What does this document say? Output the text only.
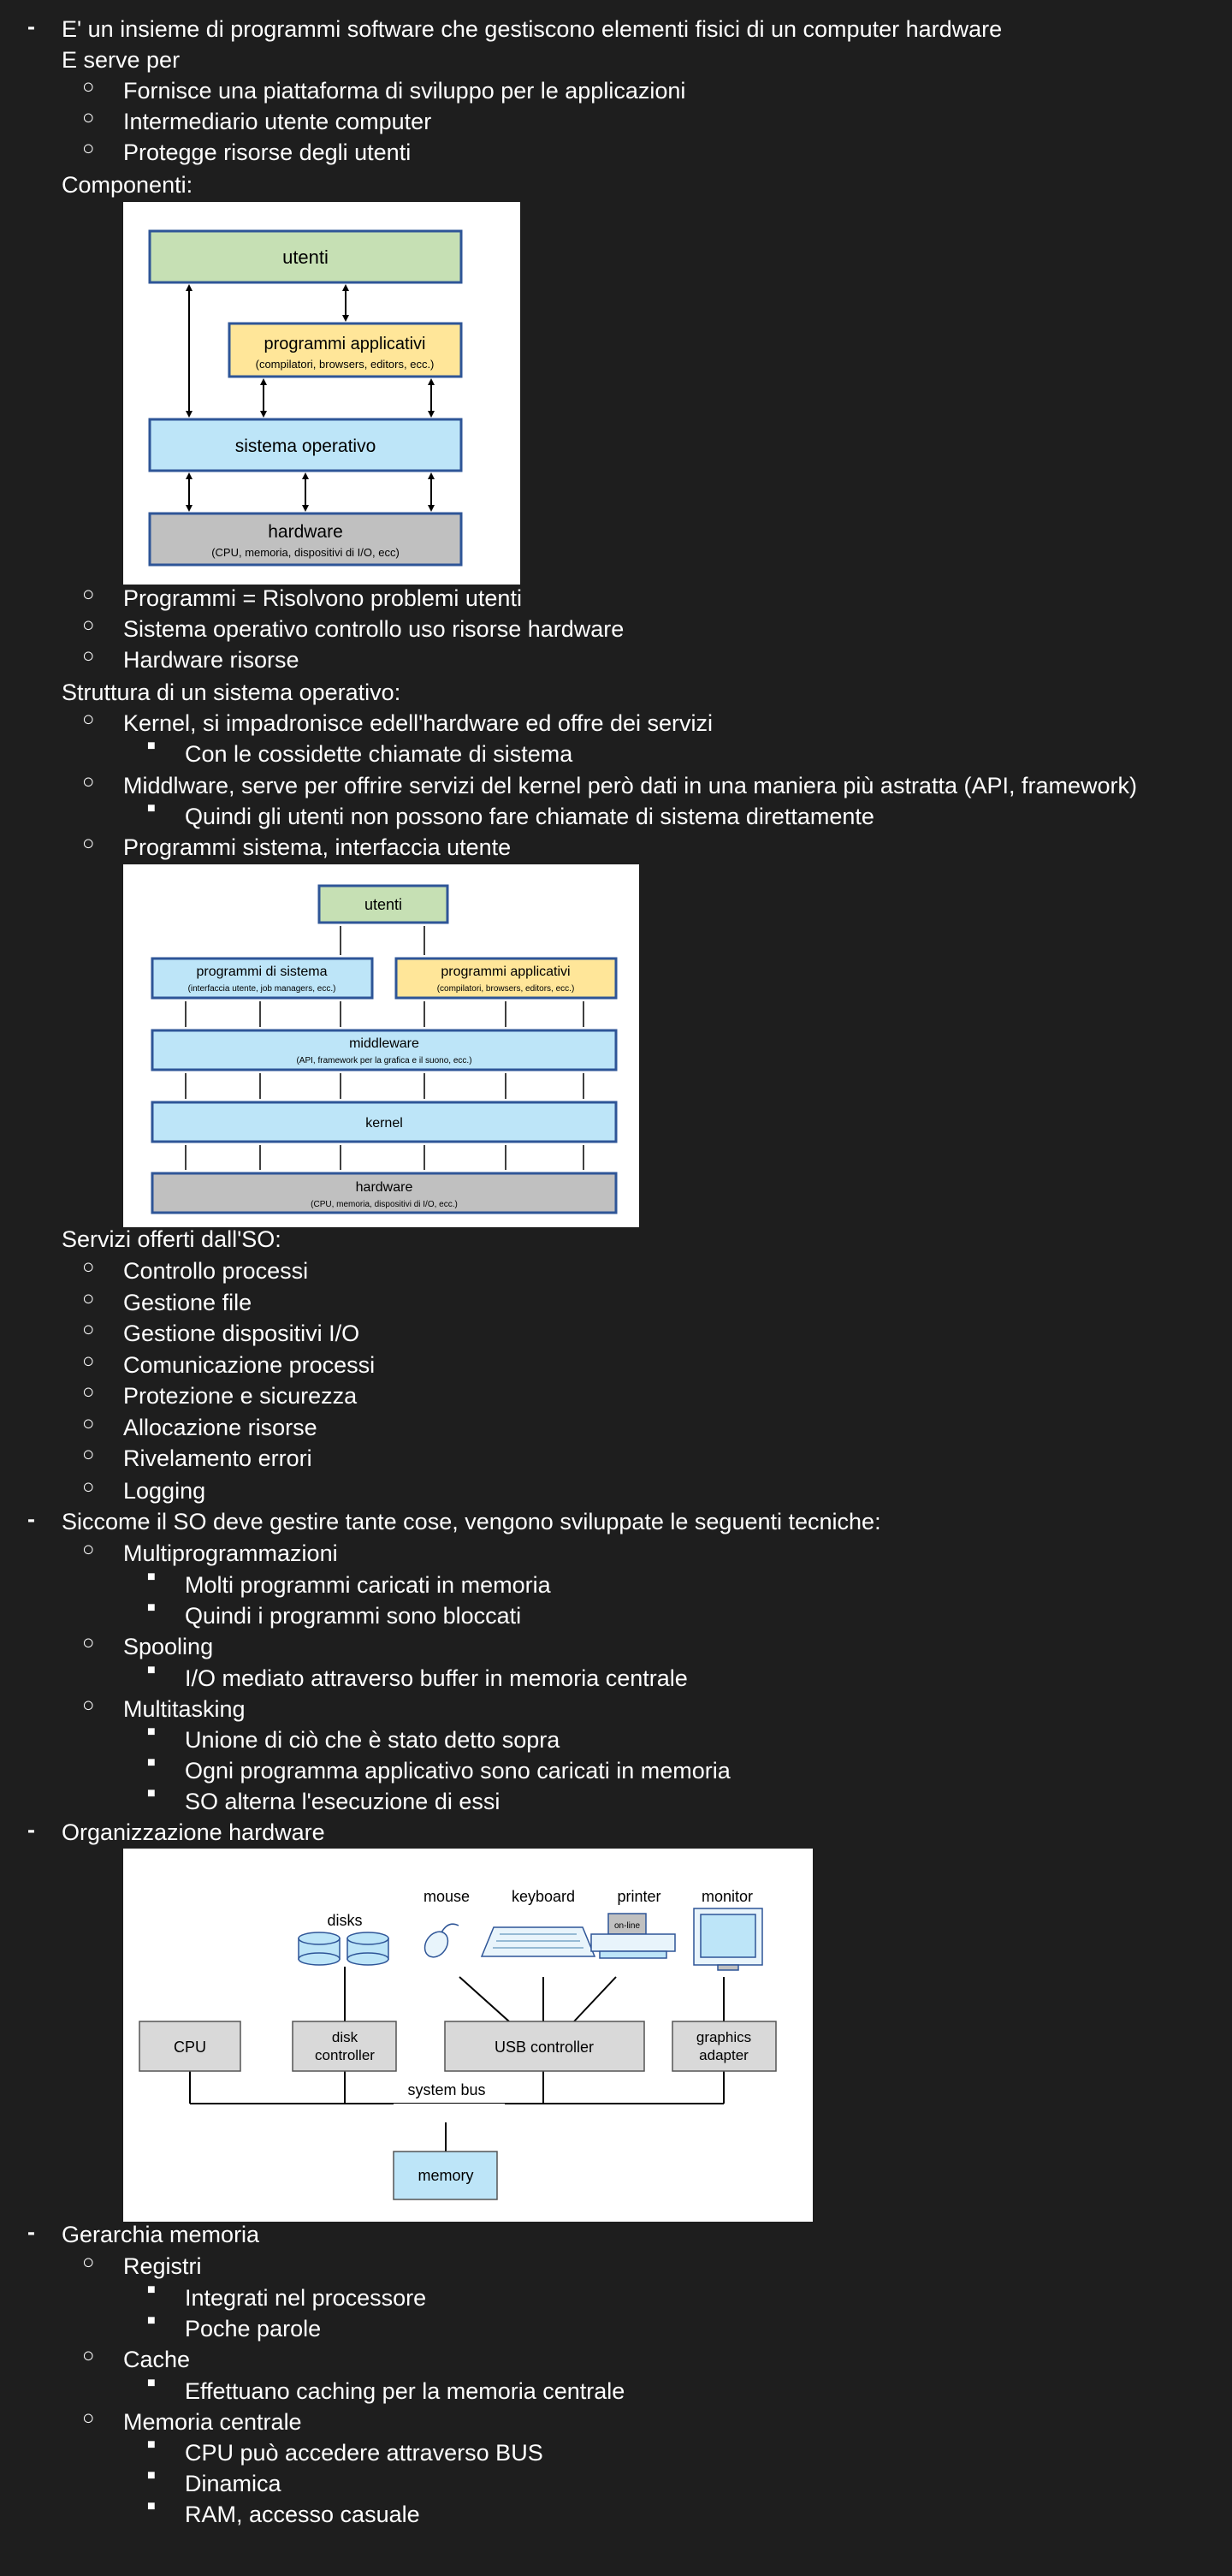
- E' un insieme di programmi software che gestiscono elementi fisici di un computer hardware
E serve per
○ Fornisce una piattaforma di sviluppo per le applicazioni
○ Intermediario utente computer
○ Protegge risorse degli utenti
Componenti:
utenti
programmi applicativi
(compilatori, browsers, editors, ecc.)
sistema operativo
hardware
(CPU, memoria, dispositivi di I/O, ecc)
○ Programmi = Risolvono problemi utenti
○ Sistema operativo controllo uso risorse hardware
○ Hardware risorse
Struttura di un sistema operativo:
○ Kernel, si impadronisce edell'hardware ed offre dei servizi
■ Con le cossidette chiamate di sistema
○ Middlware, serve per offrire servizi del kernel però dati in una maniera più astratta (API, framework)
■ Quindi gli utenti non possono fare chiamate di sistema direttamente
○ Programmi sistema, interfaccia utente
utenti
programmi di sistema
(interfaccia utente, job managers, ecc.)
programmi applicativi
(compilatori, browsers, editors, ecc.)
middleware
(API, framework per la grafica e il suono, ecc.)
kernel
hardware
(CPU, memoria, dispositivi di I/O, ecc.)
Servizi offerti dall'SO:
○ Controllo processi
○ Gestione file
○ Gestione dispositivi I/O
○ Comunicazione processi
○ Protezione e sicurezza
○ Allocazione risorse
○ Rivelamento errori
○ Logging
- Siccome il SO deve gestire tante cose, vengono sviluppate le seguenti tecniche:
○ Multiprogrammazioni
■ Molti programmi caricati in memoria
■ Quindi i programmi sono bloccati
○ Spooling
■ I/O mediato attraverso buffer in memoria centrale
○ Multitasking
■ Unione di ciò che è stato detto sopra
■ Ogni programma applicativo sono caricati in memoria
■ SO alterna l'esecuzione di essi
- Organizzazione hardware
disks
mouse	keyboard	printer	monitor
on-line
CPU
disk
controller	USB controller
graphics
adapter
system bus
memory
- Gerarchia memoria
○ Registri
■ Integrati nel processore
■ Poche parole
○ Cache
■ Effettuano caching per la memoria centrale
○ Memoria centrale
■ CPU può accedere attraverso BUS
■ Dinamica
■ RAM, accesso casuale
